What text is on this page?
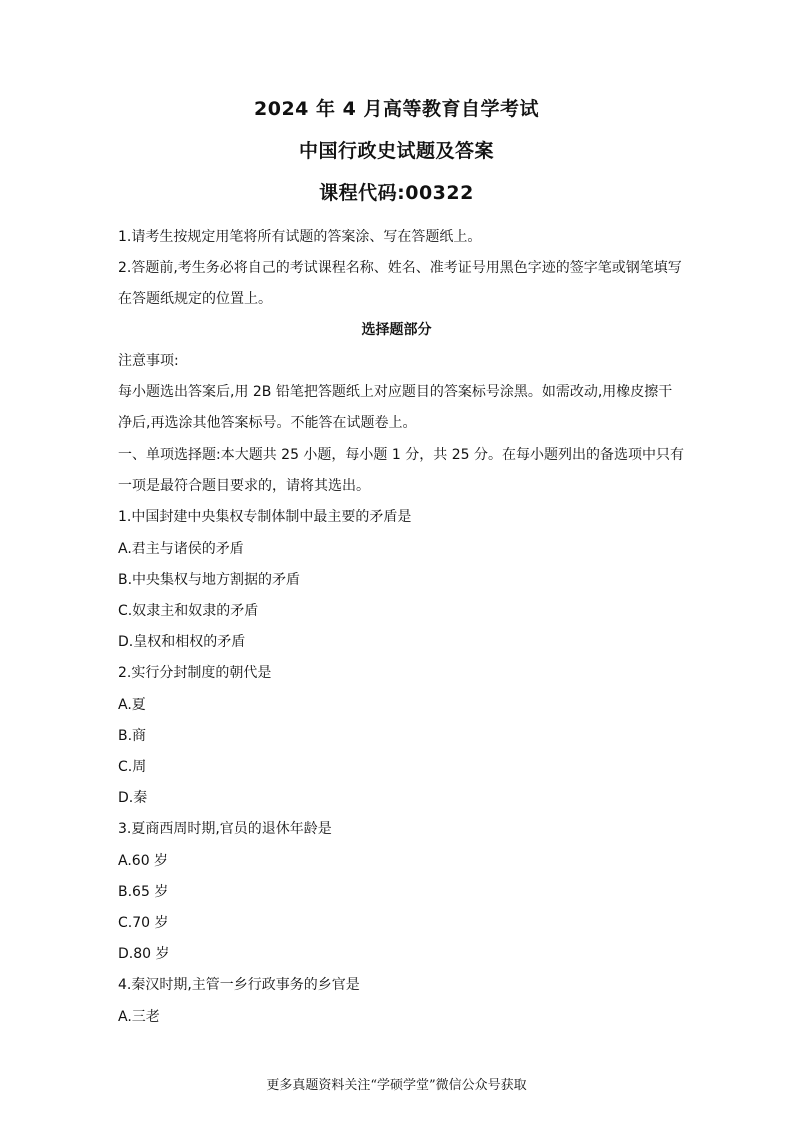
2024 年 4 月高等教育自学考试
中国行政史试题及答案
课程代码:00322
1.请考生按规定用笔将所有试题的答案涂、写在答题纸上。
2.答题前,考生务必将自己的考试课程名称、姓名、准考证号用黑色字迹的签字笔或钢笔填写
在答题纸规定的位置上。
选择题部分
注意事项:
每小题选出答案后,用 2B 铅笔把答题纸上对应题目的答案标号涂黑。如需改动,用橡皮擦干
净后,再选涂其他答案标号。不能答在试题卷上。
一、单项选择题:本大题共 25 小题，每小题 1 分，共 25 分。在每小题列出的备选项中只有
一项是最符合题目要求的，请将其选出。
1.中国封建中央集权专制体制中最主要的矛盾是
A.君主与诸侯的矛盾
B.中央集权与地方割据的矛盾
C.奴隶主和奴隶的矛盾
D.皇权和相权的矛盾
2.实行分封制度的朝代是
A.夏
B.商
C.周
D.秦
3.夏商西周时期,官员的退休年龄是
A.60 岁
B.65 岁
C.70 岁
D.80 岁
4.秦汉时期,主管一乡行政事务的乡官是
A.三老
更多真题资料关注“学硕学堂”微信公众号获取
